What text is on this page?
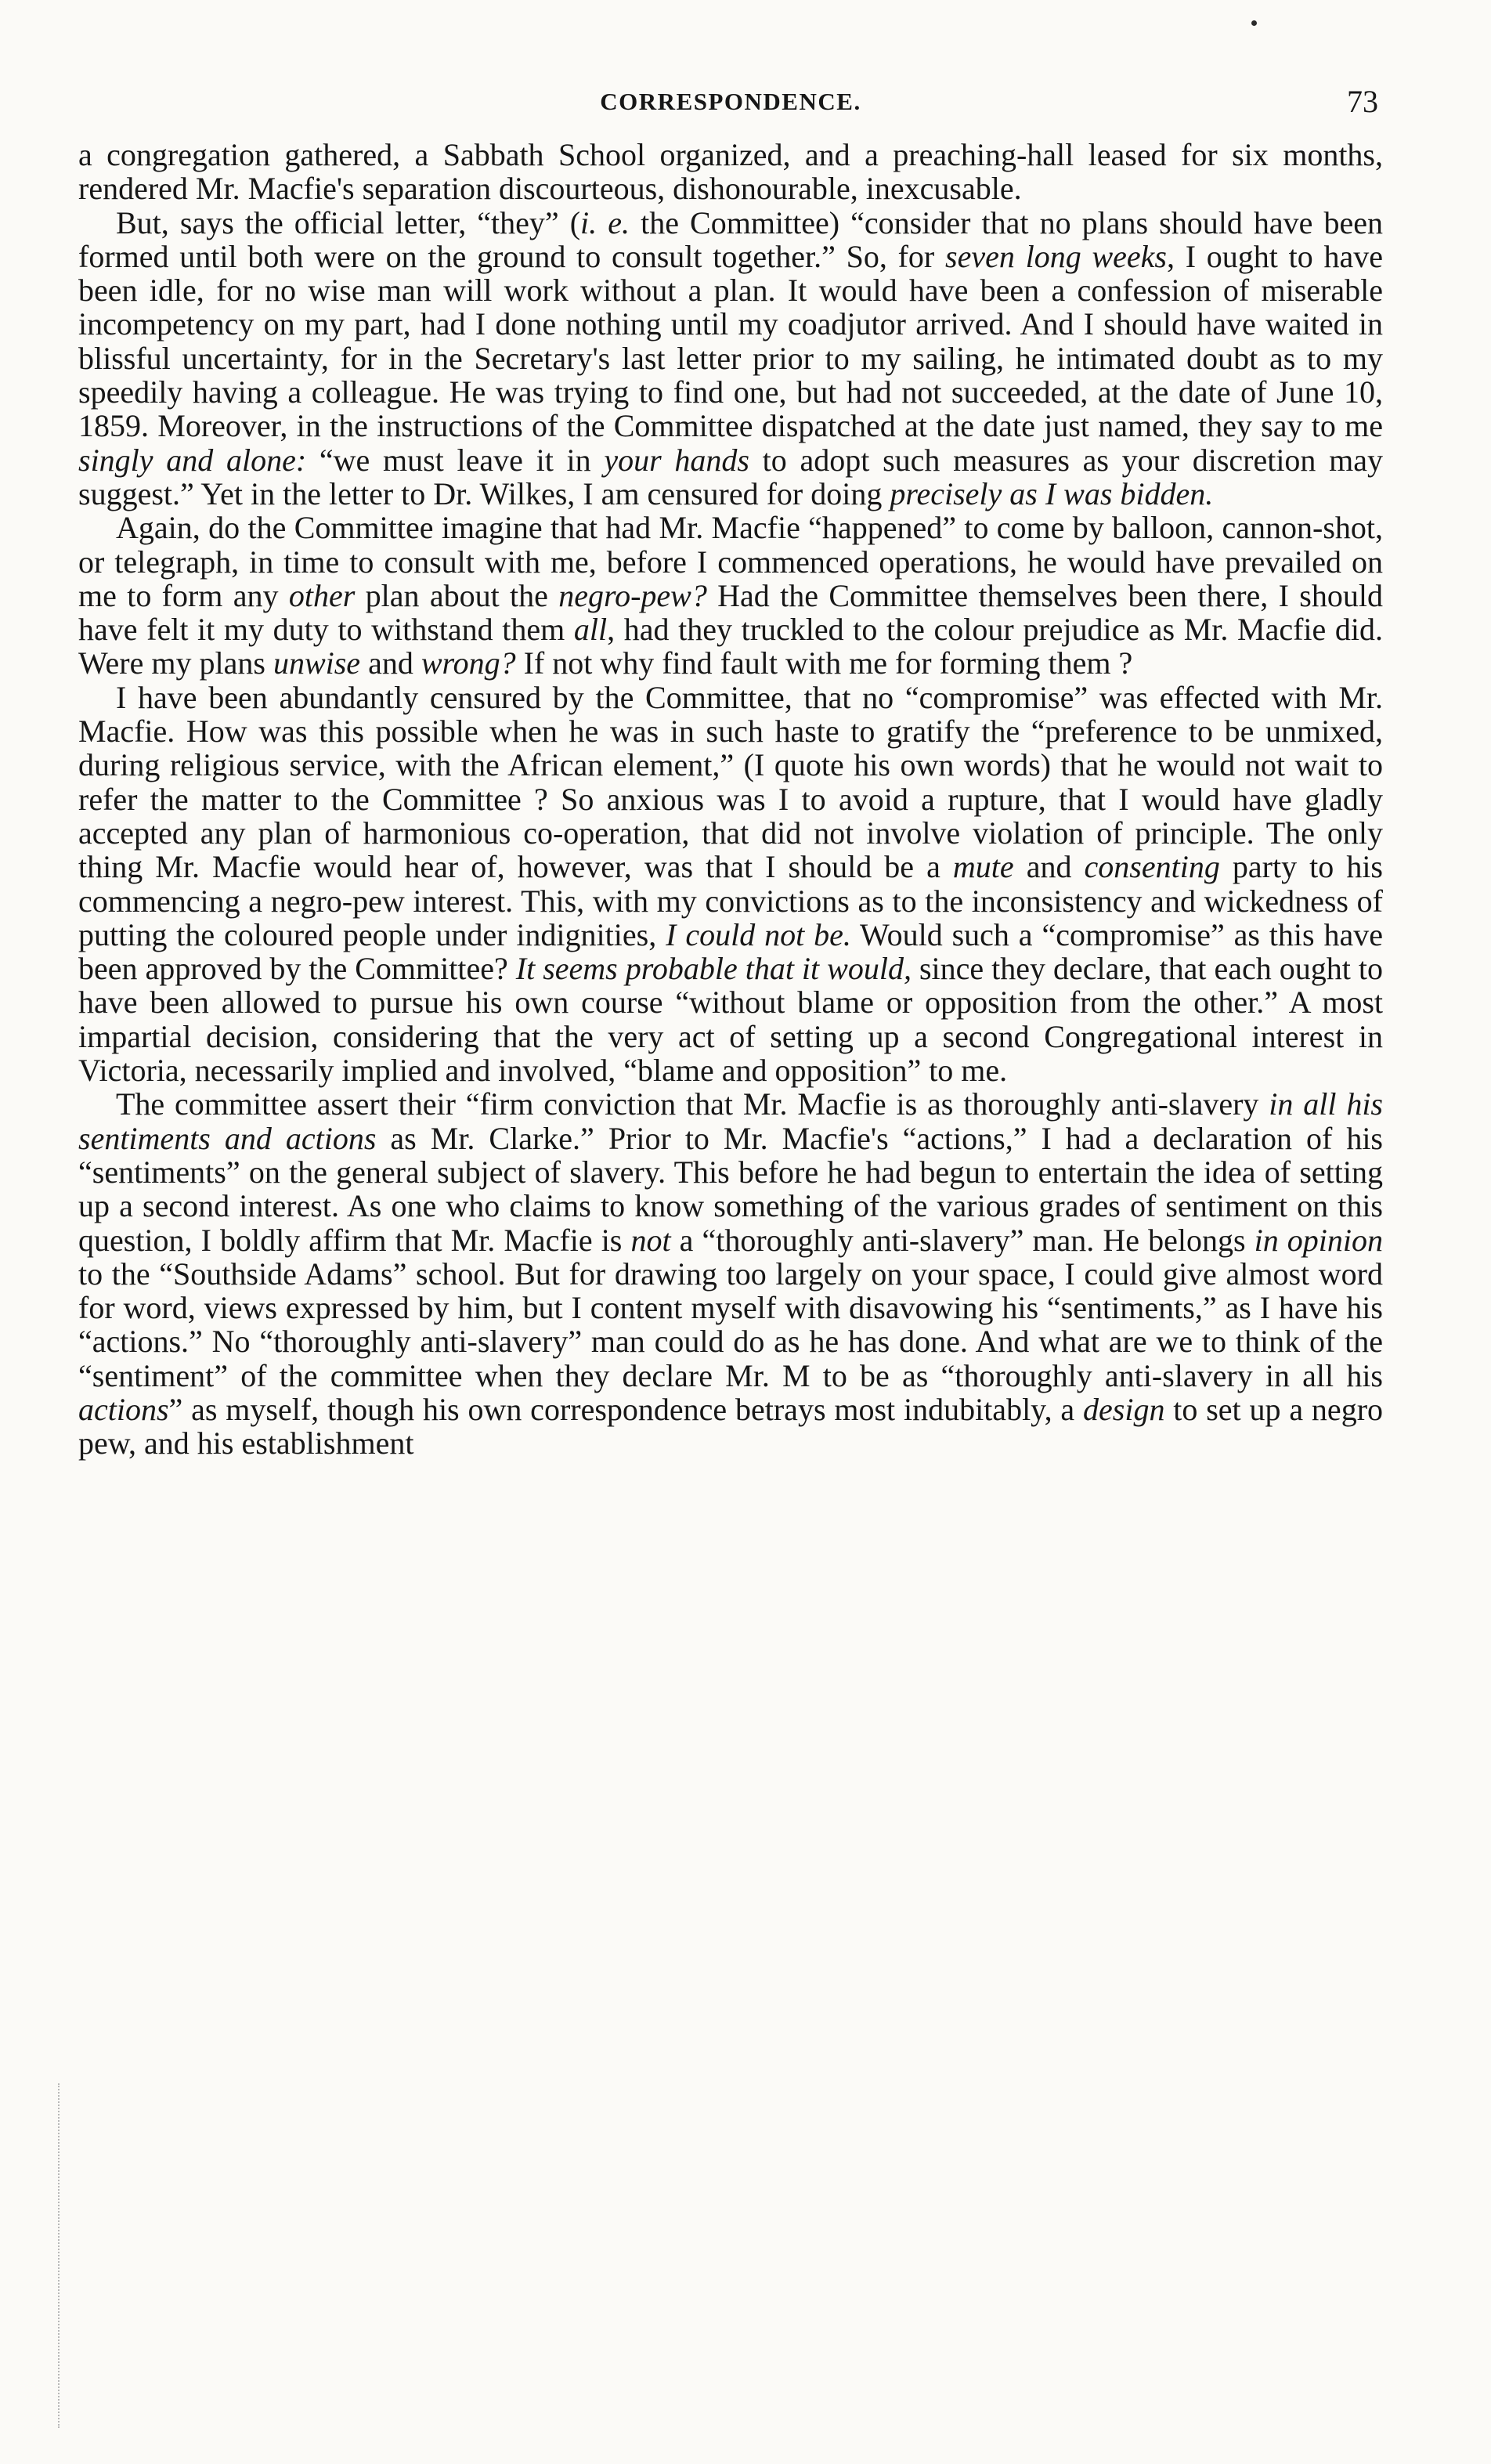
CORRESPONDENCE.	73

a congregation gathered, a Sabbath School organized, and a preaching-hall leased for six months, rendered Mr. Macfie's separation discourteous, dishonourable, inexcusable.

But, says the official letter, “they” (i. e. the Committee) “consider that no plans should have been formed until both were on the ground to consult together.” So, for seven long weeks, I ought to have been idle, for no wise man will work without a plan. It would have been a confession of miserable incompetency on my part, had I done nothing until my coadjutor arrived. And I should have waited in blissful uncertainty, for in the Secretary's last letter prior to my sailing, he intimated doubt as to my speedily having a colleague. He was trying to find one, but had not succeeded, at the date of June 10, 1859. Moreover, in the instructions of the Committee dispatched at the date just named, they say to me singly and alone: “we must leave it in your hands to adopt such measures as your discretion may suggest.” Yet in the letter to Dr. Wilkes, I am censured for doing precisely as I was bidden.

Again, do the Committee imagine that had Mr. Macfie “happened” to come by balloon, cannon-shot, or telegraph, in time to consult with me, before I commenced operations, he would have prevailed on me to form any other plan about the negro-pew? Had the Committee themselves been there, I should have felt it my duty to withstand them all, had they truckled to the colour prejudice as Mr. Macfie did. Were my plans unwise and wrong? If not why find fault with me for forming them ?

I have been abundantly censured by the Committee, that no “compromise” was effected with Mr. Macfie. How was this possible when he was in such haste to gratify the “preference to be unmixed, during religious service, with the African element,” (I quote his own words) that he would not wait to refer the matter to the Committee ? So anxious was I to avoid a rupture, that I would have gladly accepted any plan of harmonious co-operation, that did not involve violation of principle. The only thing Mr. Macfie would hear of, however, was that I should be a mute and consenting party to his commencing a negro-pew interest. This, with my convictions as to the inconsistency and wickedness of putting the coloured people under indignities, I could not be. Would such a “compromise” as this have been approved by the Committee? It seems probable that it would, since they declare, that each ought to have been allowed to pursue his own course “without blame or opposition from the other.” A most impartial decision, considering that the very act of setting up a second Congregational interest in Victoria, necessarily implied and involved, “blame and opposition” to me.

The committee assert their “firm conviction that Mr. Macfie is as thoroughly anti-slavery in all his sentiments and actions as Mr. Clarke.” Prior to Mr. Macfie's “actions,” I had a declaration of his “sentiments” on the general subject of slavery. This before he had begun to entertain the idea of setting up a second interest. As one who claims to know something of the various grades of sentiment on this question, I boldly affirm that Mr. Macfie is not a “thoroughly anti-slavery” man. He belongs in opinion to the “Southside Adams” school. But for drawing too largely on your space, I could give almost word for word, views expressed by him, but I content myself with disavowing his “sentiments,” as I have his “actions.” No “thoroughly anti-slavery” man could do as he has done. And what are we to think of the “sentiment” of the committee when they declare Mr. M to be as “thoroughly anti-slavery in all his actions” as myself, though his own correspondence betrays most indubitably, a design to set up a negro pew, and his establishment
